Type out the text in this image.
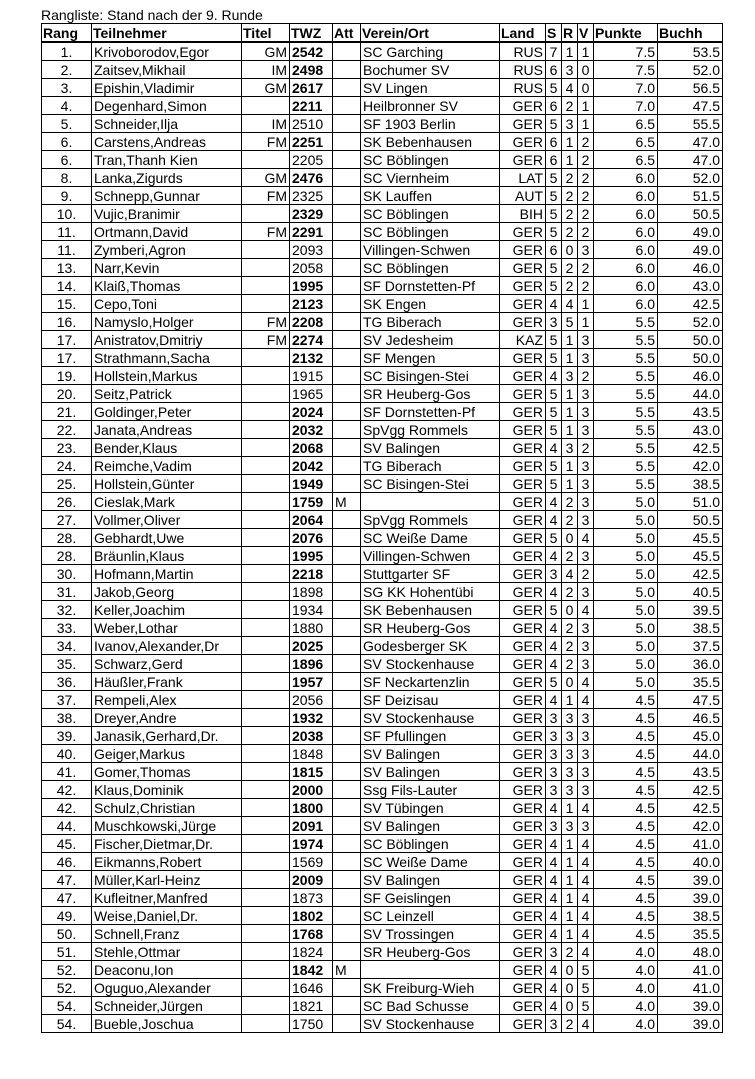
Rangliste: Stand nach der 9. Runde
Rang	Teilnehmer	Titel	TWZ	Att	Verein/Ort	Land	S	R	V	Punkte	Buchh
1.	Krivoborodov,Egor	GM	2542		SC Garching	RUS	7	1	1	7.5	53.5
2.	Zaitsev,Mikhail	IM	2498		Bochumer SV	RUS	6	3	0	7.5	52.0
3.	Epishin,Vladimir	GM	2617		SV Lingen	RUS	5	4	0	7.0	56.5
4.	Degenhard,Simon		2211		Heilbronner SV	GER	6	2	1	7.0	47.5
5.	Schneider,Ilja	IM	2510		SF 1903 Berlin	GER	5	3	1	6.5	55.5
6.	Carstens,Andreas	FM	2251		SK Bebenhausen	GER	6	1	2	6.5	47.0
6.	Tran,Thanh Kien		2205		SC Böblingen	GER	6	1	2	6.5	47.0
8.	Lanka,Zigurds	GM	2476		SC Viernheim	LAT	5	2	2	6.0	52.0
9.	Schnepp,Gunnar	FM	2325		SK Lauffen	AUT	5	2	2	6.0	51.5
10.	Vujic,Branimir		2329		SC Böblingen	BIH	5	2	2	6.0	50.5
11.	Ortmann,David	FM	2291		SC Böblingen	GER	5	2	2	6.0	49.0
11.	Zymberi,Agron		2093		Villingen-Schwen	GER	6	0	3	6.0	49.0
13.	Narr,Kevin		2058		SC Böblingen	GER	5	2	2	6.0	46.0
14.	Klaiß,Thomas		1995		SF Dornstetten-Pf	GER	5	2	2	6.0	43.0
15.	Cepo,Toni		2123		SK Engen	GER	4	4	1	6.0	42.5
16.	Namyslo,Holger	FM	2208		TG Biberach	GER	3	5	1	5.5	52.0
17.	Anistratov,Dmitriy	FM	2274		SV Jedesheim	KAZ	5	1	3	5.5	50.0
17.	Strathmann,Sacha		2132		SF Mengen	GER	5	1	3	5.5	50.0
19.	Hollstein,Markus		1915		SC Bisingen-Stei	GER	4	3	2	5.5	46.0
20.	Seitz,Patrick		1965		SR Heuberg-Gos	GER	5	1	3	5.5	44.0
21.	Goldinger,Peter		2024		SF Dornstetten-Pf	GER	5	1	3	5.5	43.5
22.	Janata,Andreas		2032		SpVgg Rommels	GER	5	1	3	5.5	43.0
23.	Bender,Klaus		2068		SV Balingen	GER	4	3	2	5.5	42.5
24.	Reimche,Vadim		2042		TG Biberach	GER	5	1	3	5.5	42.0
25.	Hollstein,Günter		1949		SC Bisingen-Stei	GER	5	1	3	5.5	38.5
26.	Cieslak,Mark		1759	M		GER	4	2	3	5.0	51.0
27.	Vollmer,Oliver		2064		SpVgg Rommels	GER	4	2	3	5.0	50.5
28.	Gebhardt,Uwe		2076		SC Weiße Dame	GER	5	0	4	5.0	45.5
28.	Bräunlin,Klaus		1995		Villingen-Schwen	GER	4	2	3	5.0	45.5
30.	Hofmann,Martin		2218		Stuttgarter SF	GER	3	4	2	5.0	42.5
31.	Jakob,Georg		1898		SG KK Hohentübi	GER	4	2	3	5.0	40.5
32.	Keller,Joachim		1934		SK Bebenhausen	GER	5	0	4	5.0	39.5
33.	Weber,Lothar		1880		SR Heuberg-Gos	GER	4	2	3	5.0	38.5
34.	Ivanov,Alexander,Dr		2025		Godesberger SK	GER	4	2	3	5.0	37.5
35.	Schwarz,Gerd		1896		SV Stockenhause	GER	4	2	3	5.0	36.0
36.	Häußler,Frank		1957		SF Neckartenzlin	GER	5	0	4	5.0	35.5
37.	Rempeli,Alex		2056		SF Deizisau	GER	4	1	4	4.5	47.5
38.	Dreyer,Andre		1932		SV Stockenhause	GER	3	3	3	4.5	46.5
39.	Janasik,Gerhard,Dr.		2038		SF Pfullingen	GER	3	3	3	4.5	45.0
40.	Geiger,Markus		1848		SV Balingen	GER	3	3	3	4.5	44.0
41.	Gomer,Thomas		1815		SV Balingen	GER	3	3	3	4.5	43.5
42.	Klaus,Dominik		2000		Ssg Fils-Lauter	GER	3	3	3	4.5	42.5
42.	Schulz,Christian		1800		SV Tübingen	GER	4	1	4	4.5	42.5
44.	Muschkowski,Jürge		2091		SV Balingen	GER	3	3	3	4.5	42.0
45.	Fischer,Dietmar,Dr.		1974		SC Böblingen	GER	4	1	4	4.5	41.0
46.	Eikmanns,Robert		1569		SC Weiße Dame	GER	4	1	4	4.5	40.0
47.	Müller,Karl-Heinz		2009		SV Balingen	GER	4	1	4	4.5	39.0
47.	Kufleitner,Manfred		1873		SF Geislingen	GER	4	1	4	4.5	39.0
49.	Weise,Daniel,Dr.		1802		SC Leinzell	GER	4	1	4	4.5	38.5
50.	Schnell,Franz		1768		SV Trossingen	GER	4	1	4	4.5	35.5
51.	Stehle,Ottmar		1824		SR Heuberg-Gos	GER	3	2	4	4.0	48.0
52.	Deaconu,Ion		1842	M		GER	4	0	5	4.0	41.0
52.	Oguguo,Alexander		1646		SK Freiburg-Wieh	GER	4	0	5	4.0	41.0
54.	Schneider,Jürgen		1821		SC Bad Schusse	GER	4	0	5	4.0	39.0
54.	Bueble,Joschua		1750		SV Stockenhause	GER	3	2	4	4.0	39.0
